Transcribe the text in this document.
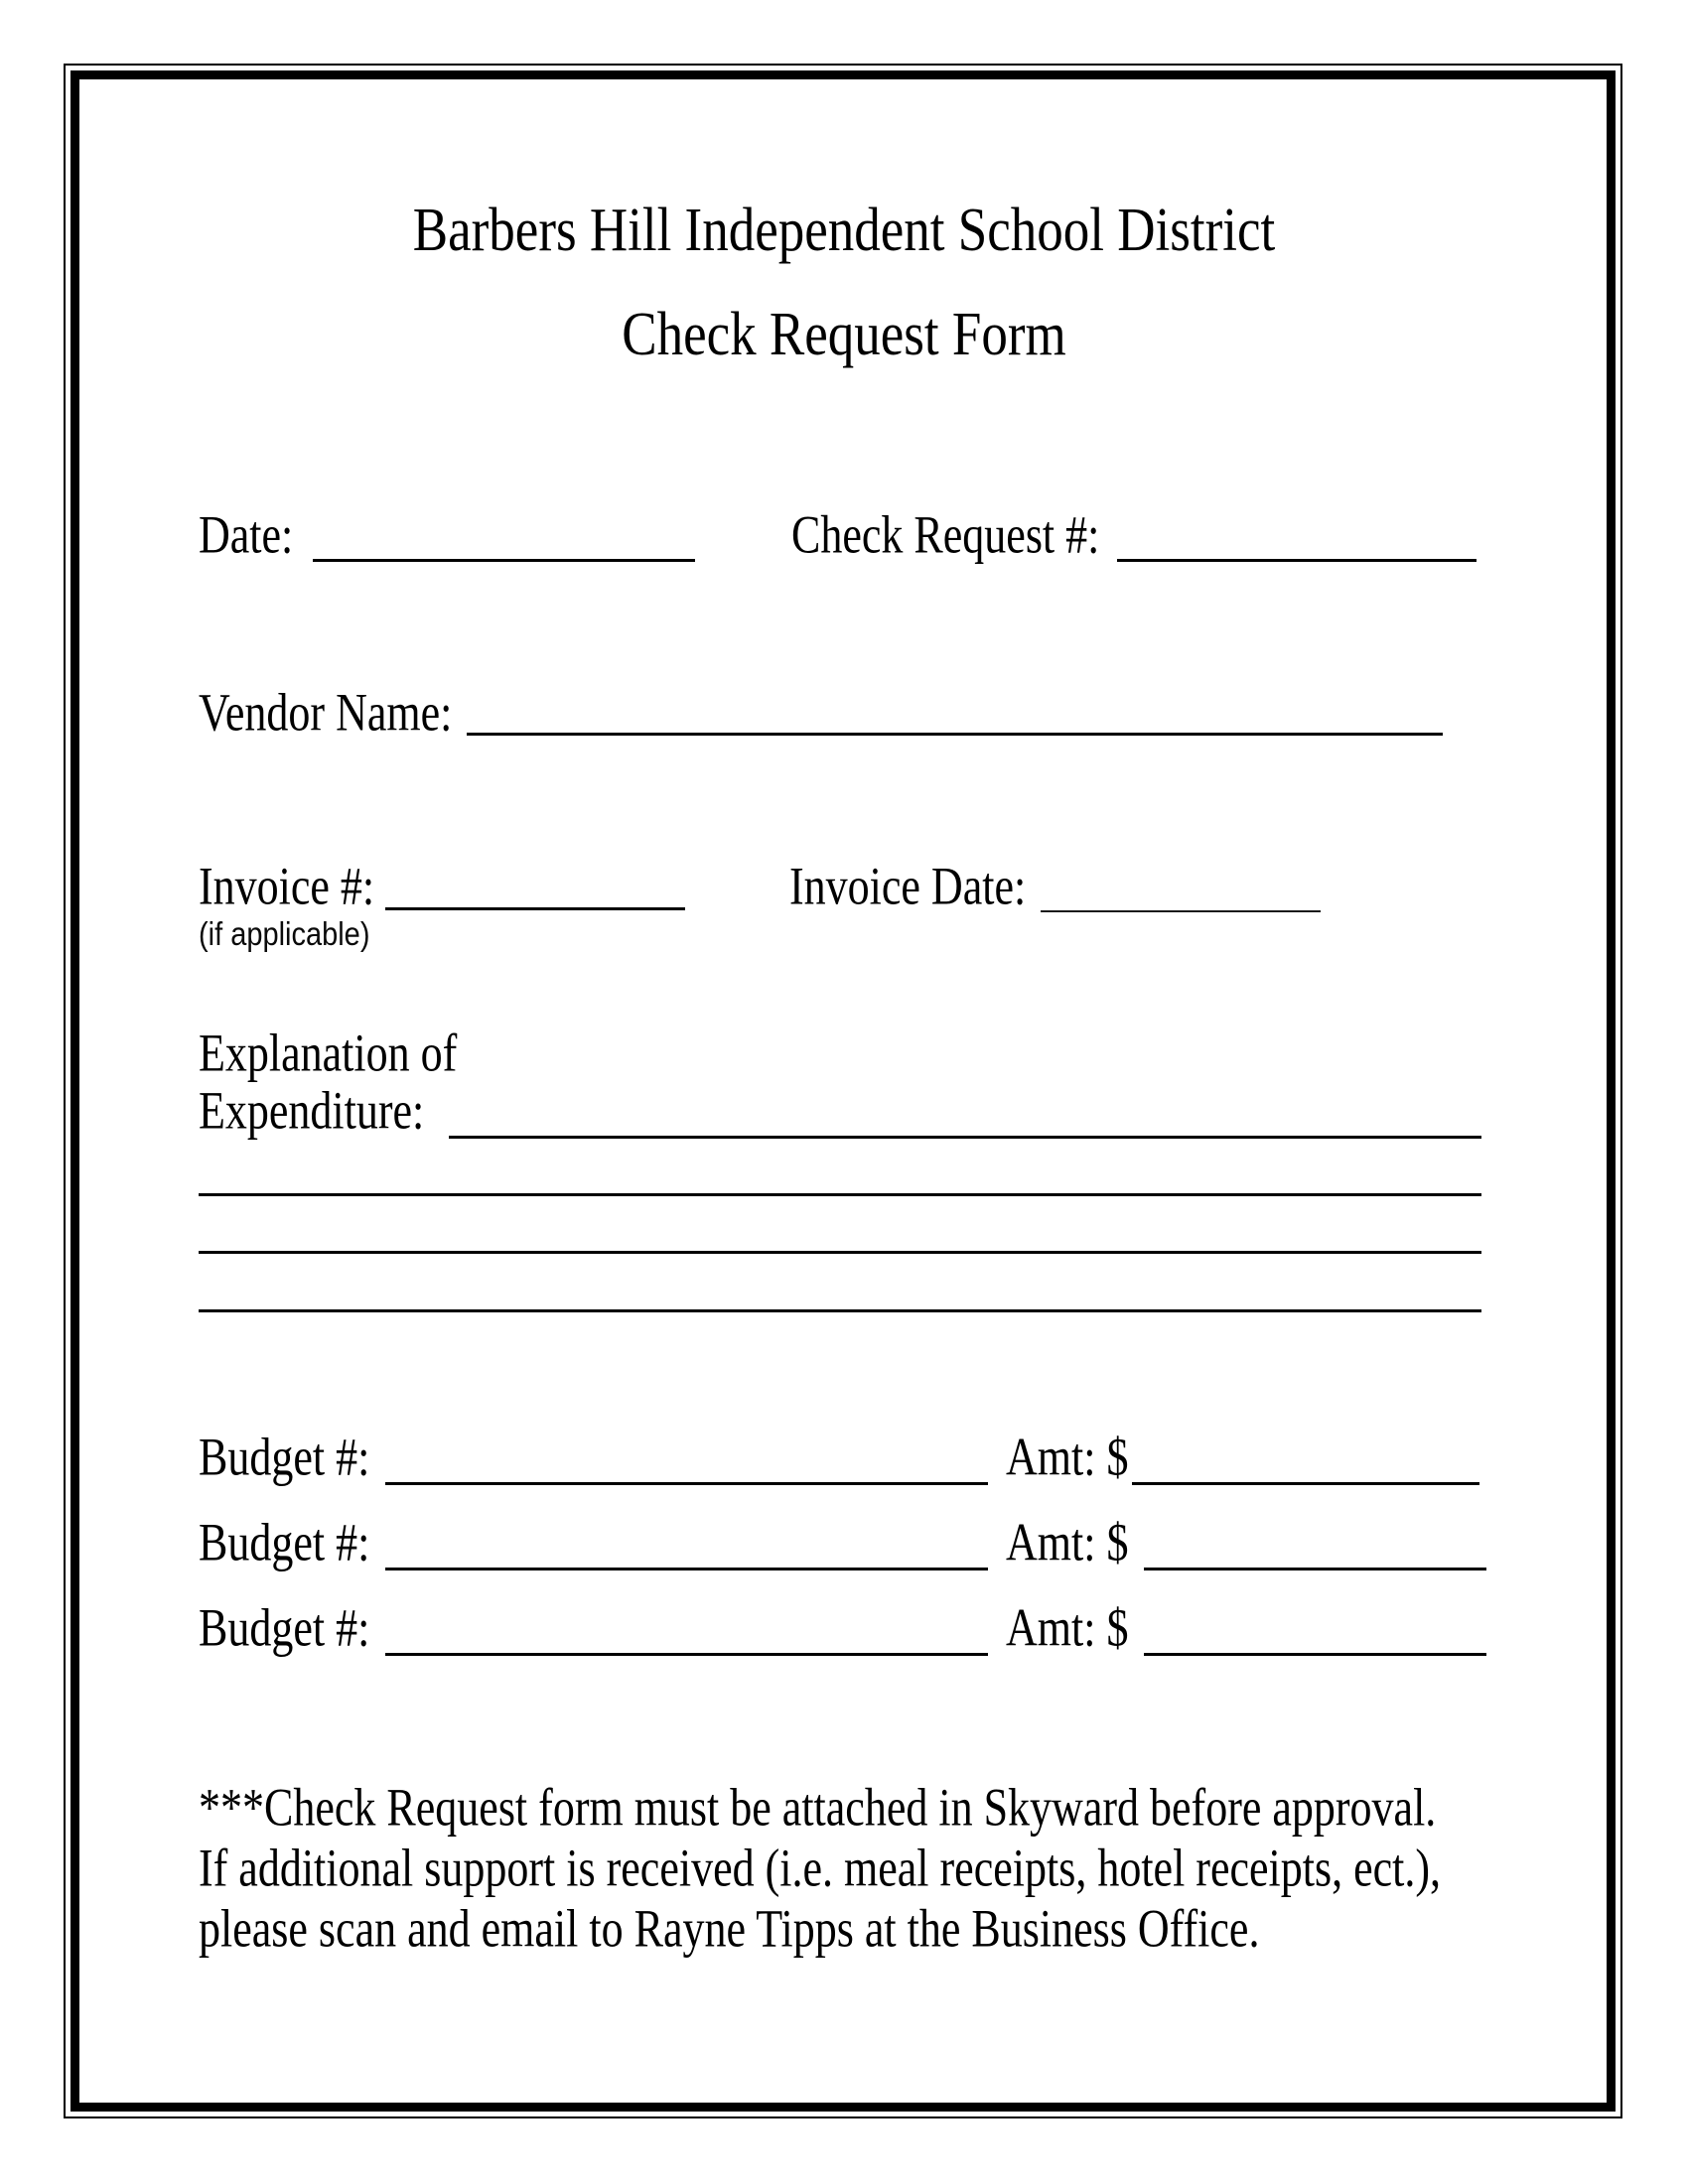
Barbers Hill Independent School District
Check Request Form
Date:	Check Request #:
Vendor Name:
Invoice #:	Invoice Date:
(if applicable)
Explanation of
Expenditure:
Budget #:	Amt: $
Budget #:	Amt: $
Budget #:	Amt: $
***Check Request form must be attached in Skyward before approval.
If additional support is received (i.e. meal receipts, hotel receipts, ect.),
please scan and email to Rayne Tipps at the Business Office.
